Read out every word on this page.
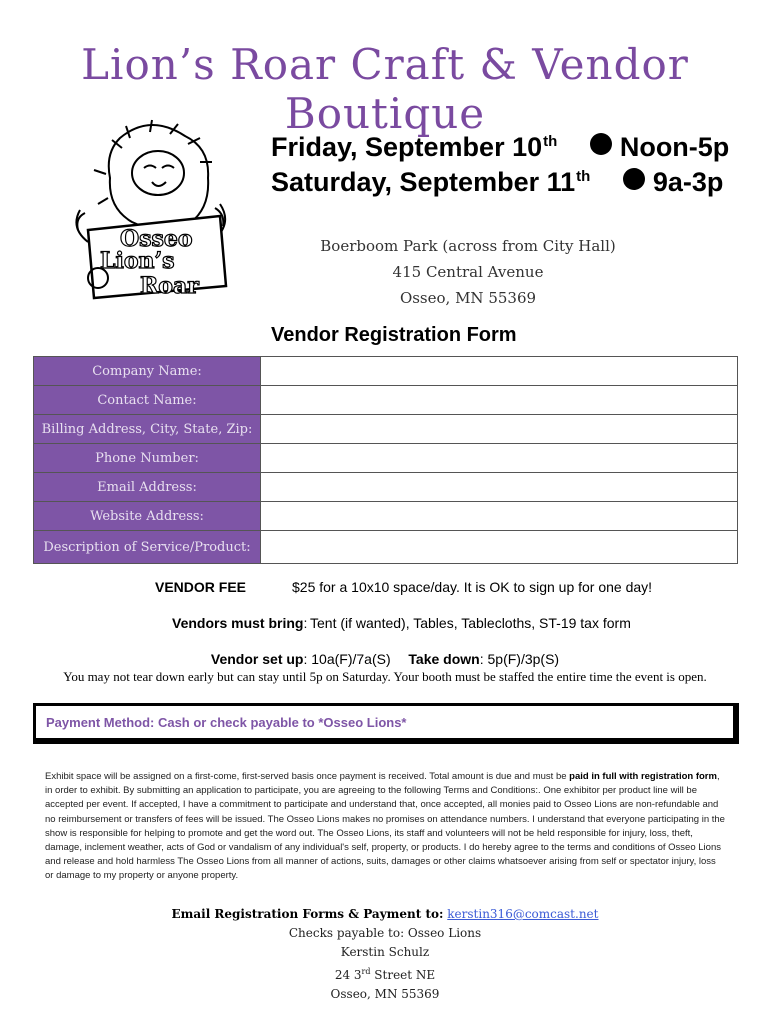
Lion’s Roar Craft & Vendor Boutique
Osseo
Lion’s
Roar
Friday, September 10th Noon-5p
Saturday, September 11th 9a-3p
Boerboom Park (across from City Hall)
415 Central Avenue
Osseo, MN 55369
Vendor Registration Form
Company Name:	
Contact Name:	
Billing Address, City, State, Zip:	
Phone Number:	
Email Address:	
Website Address:	
Description of Service/Product:	
VENDOR FEE	$25 for a 10x10 space/day. It is OK to sign up for one day!
Vendors must bring: Tent (if wanted), Tables, Tablecloths, ST-19 tax form
Vendor set up: 10a(F)/7a(S) Take down: 5p(F)/3p(S)
You may not tear down early but can stay until 5p on Saturday. Your booth must be staffed the entire time the event is open.
Payment Method: Cash or check payable to *Osseo Lions*
Exhibit space will be assigned on a first-come, first-served basis once payment is received. Total amount is due and must be paid in full with registration form, in order to exhibit. By submitting an application to participate, you are agreeing to the following Terms and Conditions:. One exhibitor per product line will be accepted per event. If accepted, I have a commitment to participate and understand that, once accepted, all monies paid to Osseo Lions are non-refundable and no reimbursement or transfers of fees will be issued. The Osseo Lions makes no promises on attendance numbers. I understand that everyone participating in the show is responsible for helping to promote and get the word out. The Osseo Lions, its staff and volunteers will not be held responsible for injury, loss, theft, damage, inclement weather, acts of God or vandalism of any individual's self, property, or products. I do hereby agree to the terms and conditions of Osseo Lions and release and hold harmless The Osseo Lions from all manner of actions, suits, damages or other claims whatsoever arising from self or spectator injury, loss or damage to my property or anyone property.
Email Registration Forms & Payment to: kerstin316@comcast.net
Checks payable to: Osseo Lions
Kerstin Schulz
24 3rd Street NE
Osseo, MN 55369
